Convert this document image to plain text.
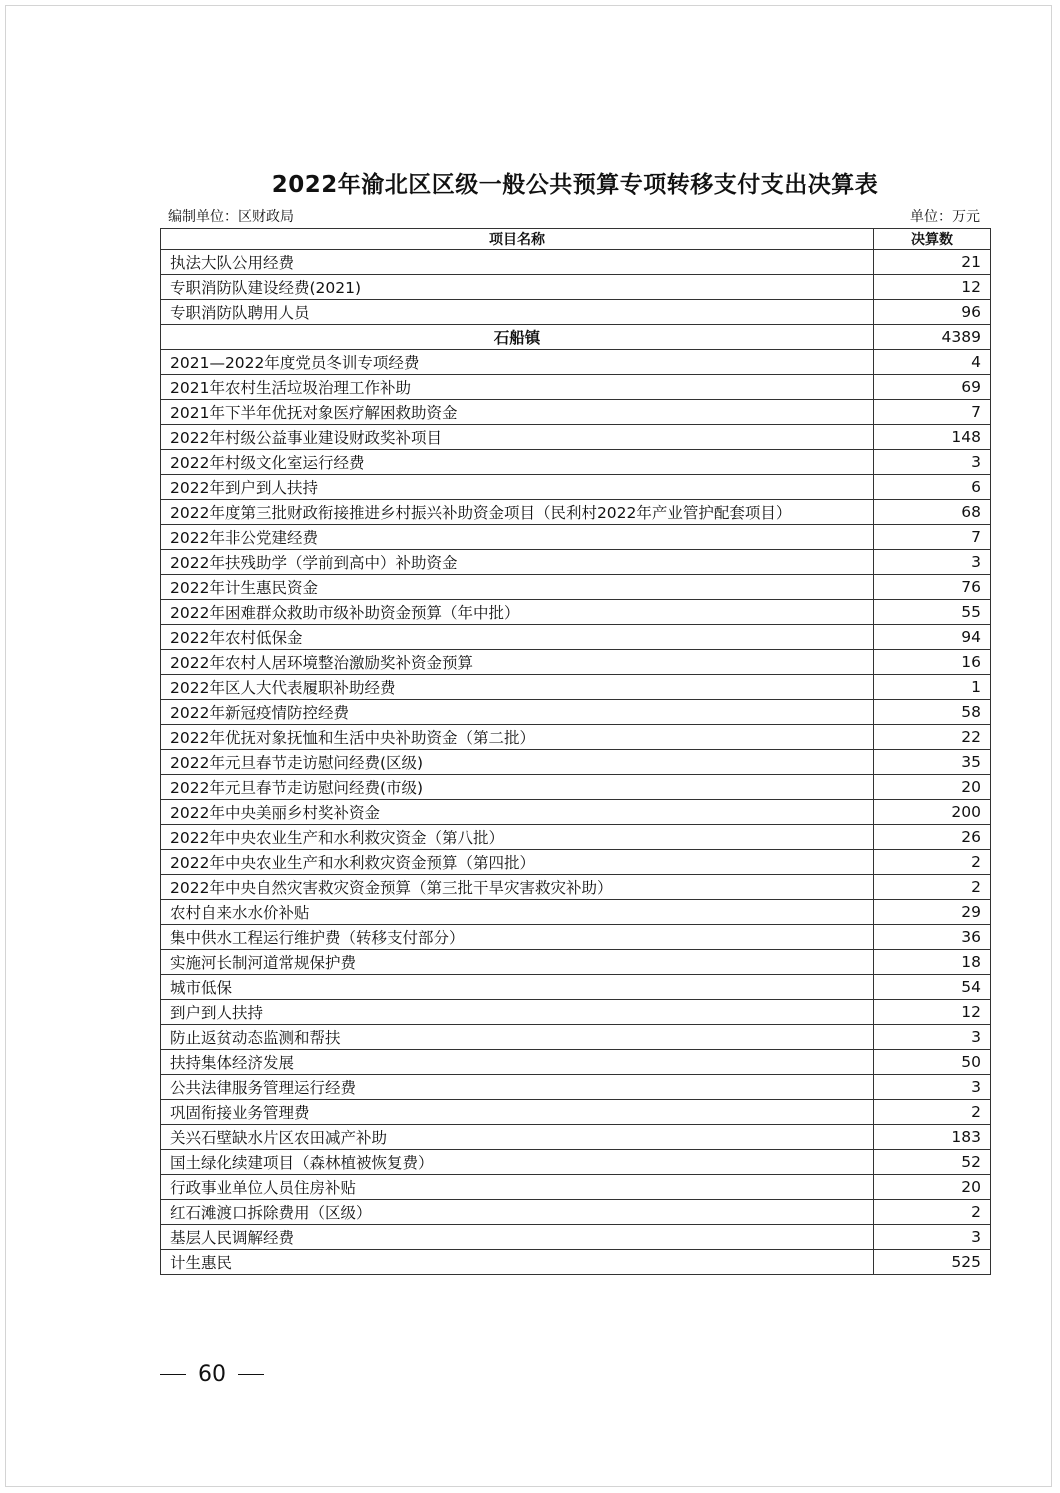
2022年渝北区区级一般公共预算专项转移支付支出决算表
编制单位：区财政局	单位：万元
项目名称	决算数
执法大队公用经费	21
专职消防队建设经费(2021)	12
专职消防队聘用人员	96
石船镇	4389
2021—2022年度党员冬训专项经费	4
2021年农村生活垃圾治理工作补助	69
2021年下半年优抚对象医疗解困救助资金	7
2022年村级公益事业建设财政奖补项目	148
2022年村级文化室运行经费	3
2022年到户到人扶持	6
2022年度第三批财政衔接推进乡村振兴补助资金项目（民利村2022年产业管护配套项目）	68
2022年非公党建经费	7
2022年扶残助学（学前到高中）补助资金	3
2022年计生惠民资金	76
2022年困难群众救助市级补助资金预算（年中批）	55
2022年农村低保金	94
2022年农村人居环境整治激励奖补资金预算	16
2022年区人大代表履职补助经费	1
2022年新冠疫情防控经费	58
2022年优抚对象抚恤和生活中央补助资金（第二批）	22
2022年元旦春节走访慰问经费(区级)	35
2022年元旦春节走访慰问经费(市级)	20
2022年中央美丽乡村奖补资金	200
2022年中央农业生产和水利救灾资金（第八批）	26
2022年中央农业生产和水利救灾资金预算（第四批）	2
2022年中央自然灾害救灾资金预算（第三批干旱灾害救灾补助）	2
农村自来水水价补贴	29
集中供水工程运行维护费（转移支付部分）	36
实施河长制河道常规保护费	18
城市低保	54
到户到人扶持	12
防止返贫动态监测和帮扶	3
扶持集体经济发展	50
公共法律服务管理运行经费	3
巩固衔接业务管理费	2
关兴石壁缺水片区农田减产补助	183
国土绿化续建项目（森林植被恢复费）	52
行政事业单位人员住房补贴	20
红石滩渡口拆除费用（区级）	2
基层人民调解经费	3
计生惠民	525
60
